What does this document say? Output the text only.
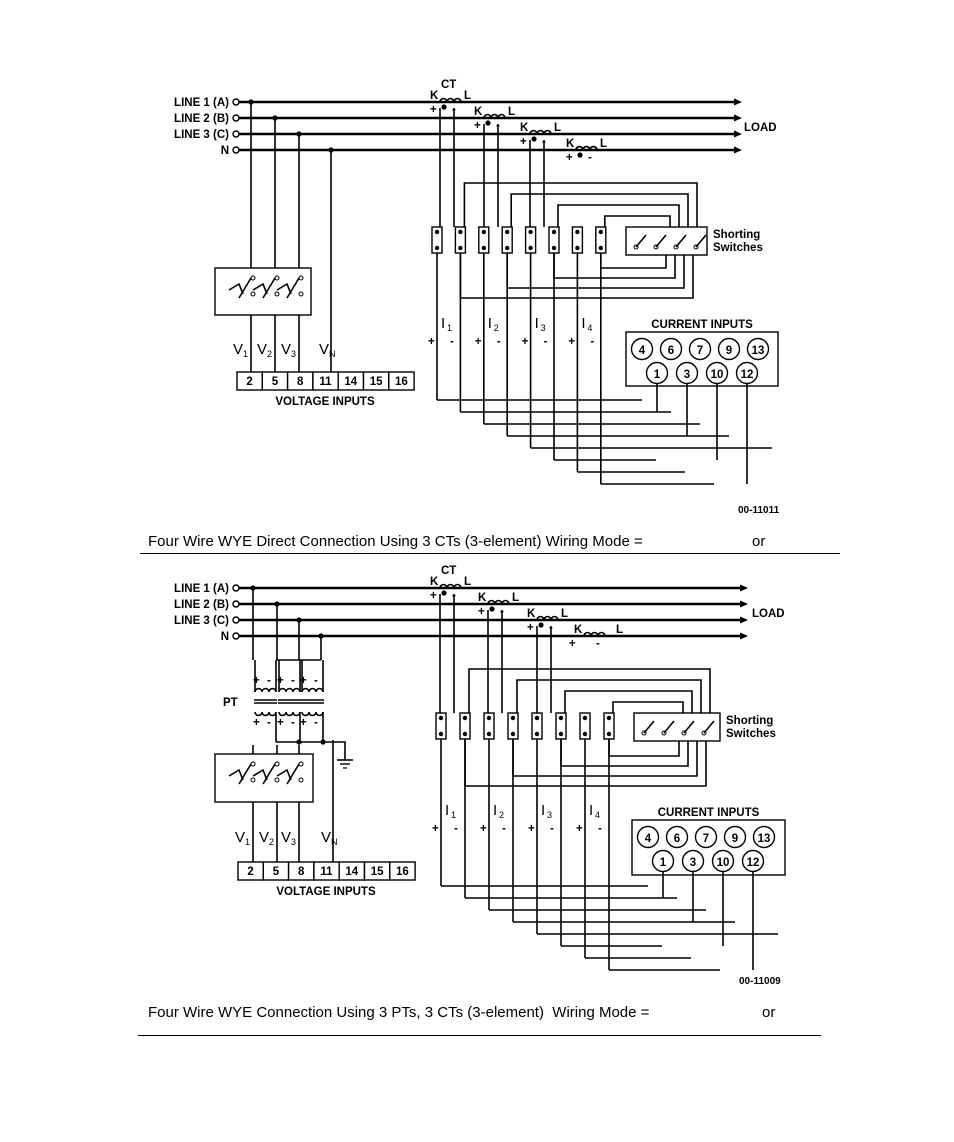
LINE 1 (A)
LINE 2 (B)
LINE 3 (C)
N
LOAD
K L
+ -
CT
K L
+ - K L
+ - K L
+ -
Shorting
Switches
I 1
+ -
I 2
+ -
I 3
+ -
I 4
+ -
CURRENT INPUTS
4 6 7 9 13
1 3 10 12
V 1 V 2 V 3 V N
2 5 8 11 14 15 16
VOLTAGE INPUTS
00-11011
LINE 1 (A)
LINE 2 (B)
LINE 3 (C)
N
LOAD
K L
+ -
CT
K L
+ - K L
+ -
Shorting
Switches
I 1
+ -
I 2
+ -
I 3
+ -
I 4
+ -
CURRENT INPUTS
4 6 7 9 13
1 3 10 12
V 1 V 2 V 3 V N
2 5 8 11 14 15 16
VOLTAGE INPUTS
00-11009
K	L
+ -
PT
+ -
+ -
+ -
+ -
+ -
+ -
Four Wire WYE Direct Connection Using 3 CTs (3-element) Wiring Mode =	or
Four Wire WYE Connection Using 3 PTs, 3 CTs (3-element)  Wiring Mode =	or
